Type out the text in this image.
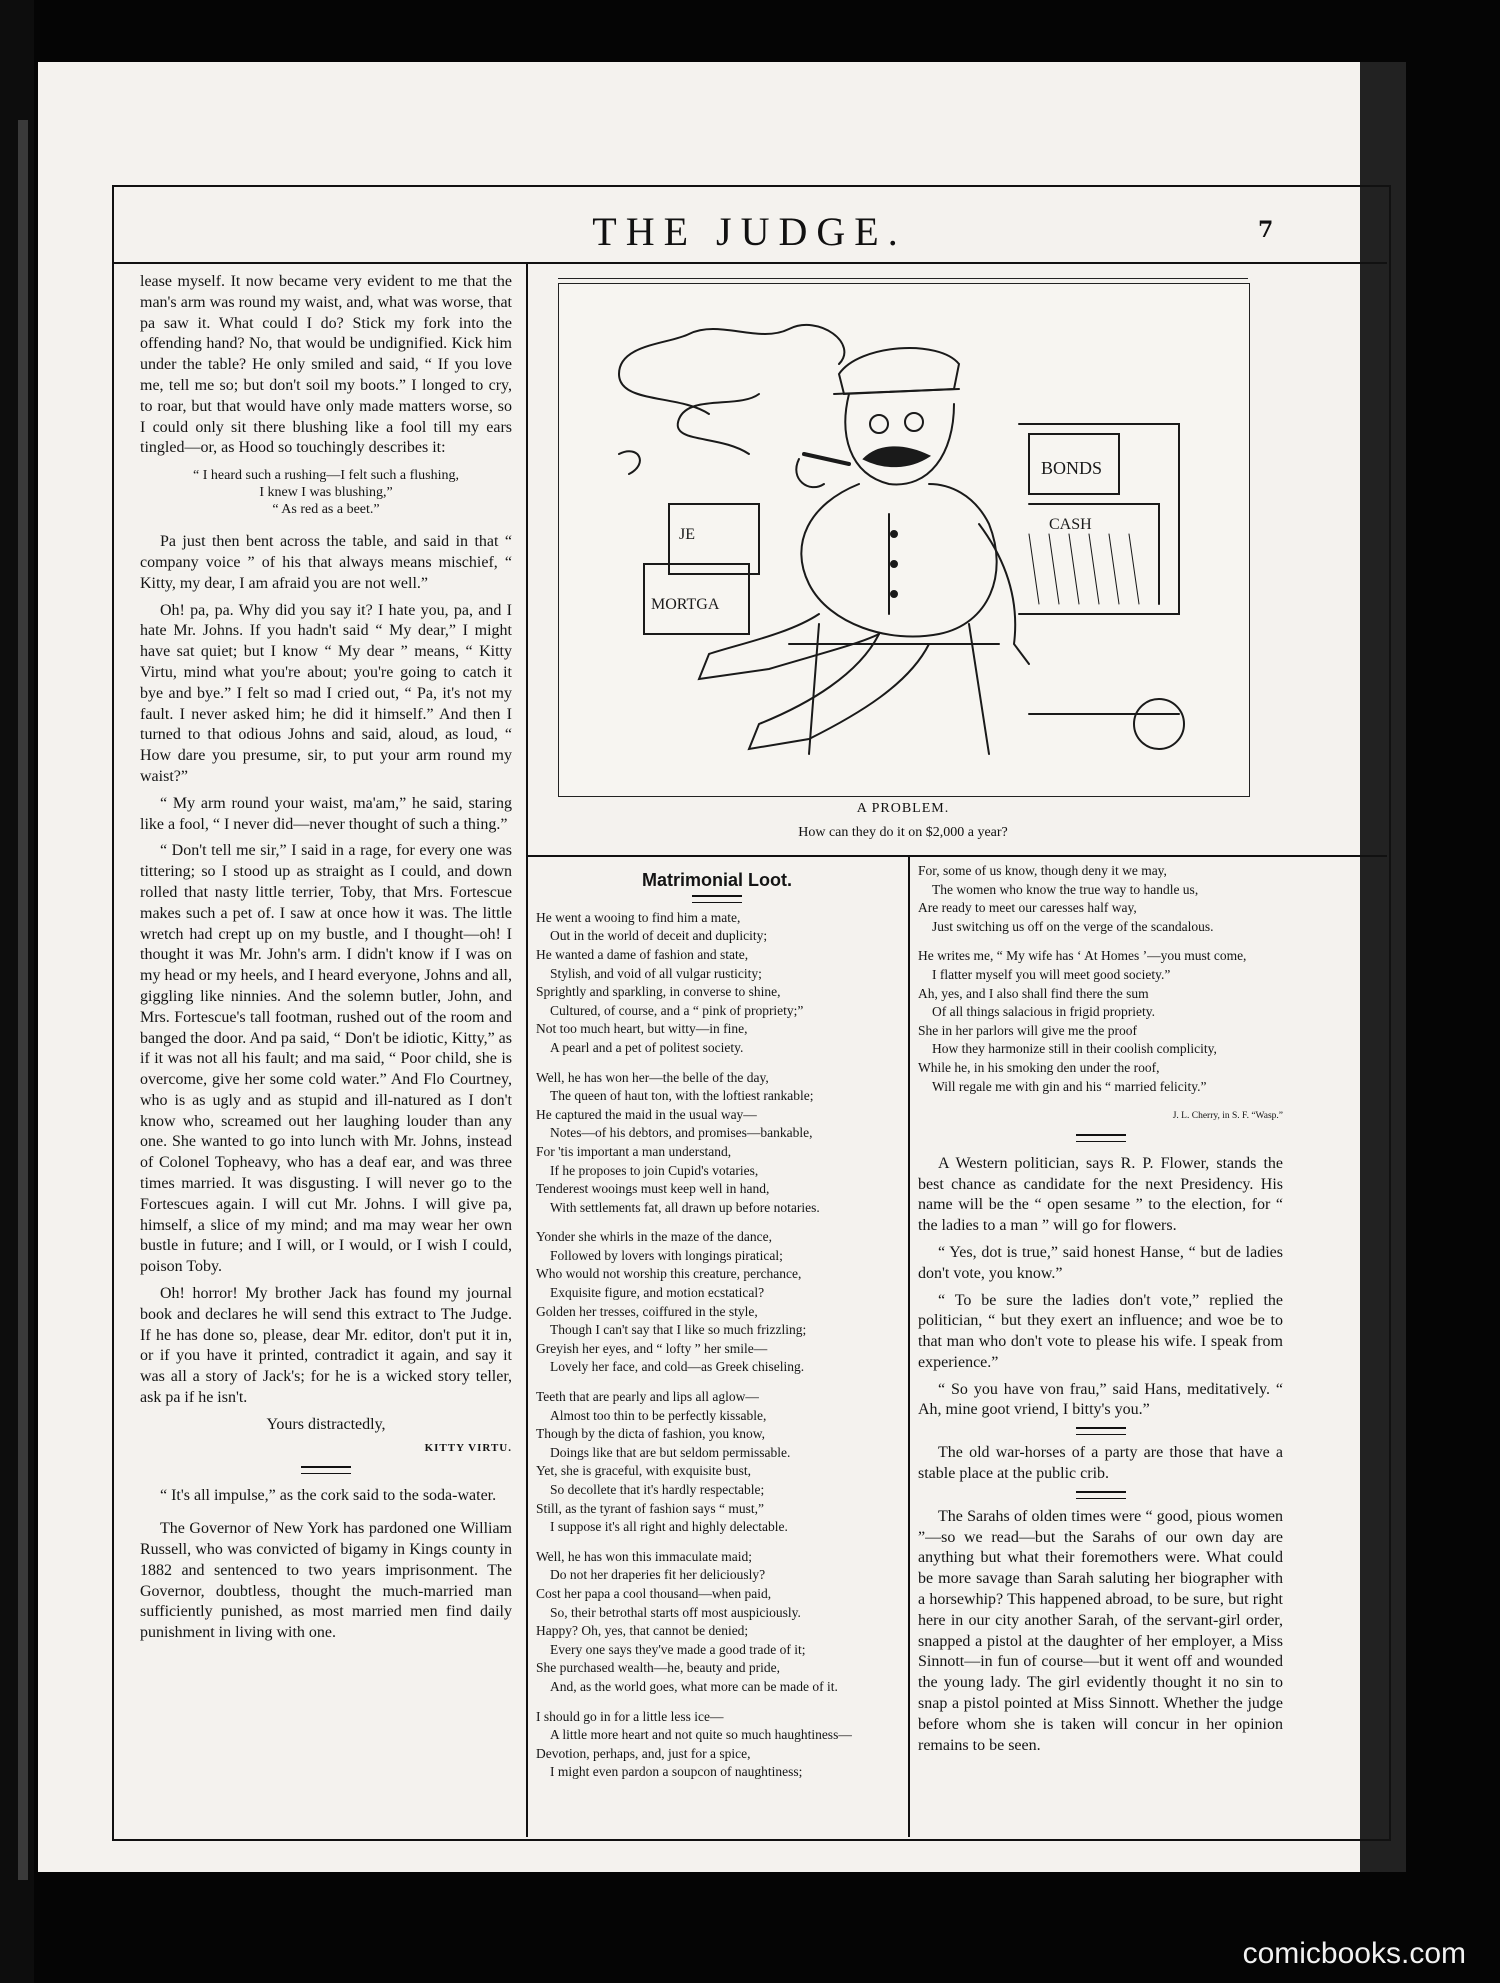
THE JUDGE.	7

lease myself. It now became very evident to me that the man's arm was round my waist, and, what was worse, that pa saw it. What could I do? Stick my fork into the offending hand? No, that would be undignified. Kick him under the table? He only smiled and said, “ If you love me, tell me so; but don't soil my boots.” I longed to cry, to roar, but that would have only made matters worse, so I could only sit there blushing like a fool till my ears tingled—or, as Hood so touchingly describes it:

“ I heard such a rushing—I felt such a flushing,
I knew I was blushing,”
“ As red as a beet.”

Pa just then bent across the table, and said in that “ company voice ” of his that always means mischief, “ Kitty, my dear, I am afraid you are not well.”

Oh! pa, pa. Why did you say it? I hate you, pa, and I hate Mr. Johns. If you hadn't said “ My dear,” I might have sat quiet; but I know “ My dear ” means, “ Kitty Virtu, mind what you're about; you're going to catch it bye and bye.” I felt so mad I cried out, “ Pa, it's not my fault. I never asked him; he did it himself.” And then I turned to that odious Johns and said, aloud, as loud, “ How dare you presume, sir, to put your arm round my waist?”

“ My arm round your waist, ma'am,” he said, staring like a fool, “ I never did—never thought of such a thing.”

“ Don't tell me sir,” I said in a rage, for every one was tittering; so I stood up as straight as I could, and down rolled that nasty little terrier, Toby, that Mrs. Fortescue makes such a pet of. I saw at once how it was. The little wretch had crept up on my bustle, and I thought—oh! I thought it was Mr. John's arm. I didn't know if I was on my head or my heels, and I heard everyone, Johns and all, giggling like ninnies. And the solemn butler, John, and Mrs. Fortescue's tall footman, rushed out of the room and banged the door. And pa said, “ Don't be idiotic, Kitty,” as if it was not all his fault; and ma said, “ Poor child, she is overcome, give her some cold water.” And Flo Courtney, who is as ugly and as stupid and ill-natured as I don't know who, screamed out her laughing louder than any one. She wanted to go into lunch with Mr. Johns, instead of Colonel Topheavy, who has a deaf ear, and was three times married. It was disgusting. I will never go to the Fortescues again. I will cut Mr. Johns. I will give pa, himself, a slice of my mind; and ma may wear her own bustle in future; and I will, or I would, or I wish I could, poison Toby.

Oh! horror! My brother Jack has found my journal book and declares he will send this extract to The Judge. If he has done so, please, dear Mr. editor, don't put it in, or if you have it printed, contradict it again, and say it was all a story of Jack's; for he is a wicked story teller, ask pa if he isn't.

Yours distractedly,
KITTY VIRTU.

“ It's all impulse,” as the cork said to the soda-water.

The Governor of New York has pardoned one William Russell, who was convicted of bigamy in Kings county in 1882 and sentenced to two years imprisonment. The Governor, doubtless, thought the much-married man sufficiently punished, as most married men find daily punishment in living with one.

BONDS
CASH
MORTGA
JE
A PROBLEM.
How can they do it on $2,000 a year?
Matrimonial Loot.
He went a wooing to find him a mate,
Out in the world of deceit and duplicity;
He wanted a dame of fashion and state,
Stylish, and void of all vulgar rusticity;
Sprightly and sparkling, in converse to shine,
Cultured, of course, and a “ pink of propriety;”
Not too much heart, but witty—in fine,
A pearl and a pet of politest society.
Well, he has won her—the belle of the day,
The queen of haut ton, with the loftiest rankable;
He captured the maid in the usual way—
Notes—of his debtors, and promises—bankable,
For 'tis important a man understand,
If he proposes to join Cupid's votaries,
Tenderest wooings must keep well in hand,
With settlements fat, all drawn up before notaries.
Yonder she whirls in the maze of the dance,
Followed by lovers with longings piratical;
Who would not worship this creature, perchance,
Exquisite figure, and motion ecstatical?
Golden her tresses, coiffured in the style,
Though I can't say that I like so much frizzling;
Greyish her eyes, and “ lofty ” her smile—
Lovely her face, and cold—as Greek chiseling.
Teeth that are pearly and lips all aglow—
Almost too thin to be perfectly kissable,
Though by the dicta of fashion, you know,
Doings like that are but seldom permissable.
Yet, she is graceful, with exquisite bust,
So decollete that it's hardly respectable;
Still, as the tyrant of fashion says “ must,”
I suppose it's all right and highly delectable.
Well, he has won this immaculate maid;
Do not her draperies fit her deliciously?
Cost her papa a cool thousand—when paid,
So, their betrothal starts off most auspiciously.
Happy? Oh, yes, that cannot be denied;
Every one says they've made a good trade of it;
She purchased wealth—he, beauty and pride,
And, as the world goes, what more can be made of it.
I should go in for a little less ice—
A little more heart and not quite so much haughtiness—
Devotion, perhaps, and, just for a spice,
I might even pardon a soupcon of naughtiness;
For, some of us know, though deny it we may,
The women who know the true way to handle us,
Are ready to meet our caresses half way,
Just switching us off on the verge of the scandalous.
He writes me, “ My wife has ‘ At Homes ’—you must come,
I flatter myself you will meet good society.”
Ah, yes, and I also shall find there the sum
Of all things salacious in frigid propriety.
She in her parlors will give me the proof
How they harmonize still in their coolish complicity,
While he, in his smoking den under the roof,
Will regale me with gin and his “ married felicity.”
J. L. Cherry, in S. F. “Wasp.”

A Western politician, says R. P. Flower, stands the best chance as candidate for the next Presidency. His name will be the “ open sesame ” to the election, for “ the ladies to a man ” will go for flowers.

“ Yes, dot is true,” said honest Hanse, “ but de ladies don't vote, you know.”

“ To be sure the ladies don't vote,” replied the politician, “ but they exert an influence; and woe be to that man who don't vote to please his wife. I speak from experience.”

“ So you have von frau,” said Hans, meditatively. “ Ah, mine goot vriend, I bitty's you.”

The old war-horses of a party are those that have a stable place at the public crib.

The Sarahs of olden times were “ good, pious women ”—so we read—but the Sarahs of our own day are anything but what their foremothers were. What could be more savage than Sarah saluting her biographer with a horsewhip? This happened abroad, to be sure, but right here in our city another Sarah, of the servant-girl order, snapped a pistol at the daughter of her employer, a Miss Sinnott—in fun of course—but it went off and wounded the young lady. The girl evidently thought it no sin to snap a pistol pointed at Miss Sinnott. Whether the judge before whom she is taken will concur in her opinion remains to be seen.

comicbooks.com
